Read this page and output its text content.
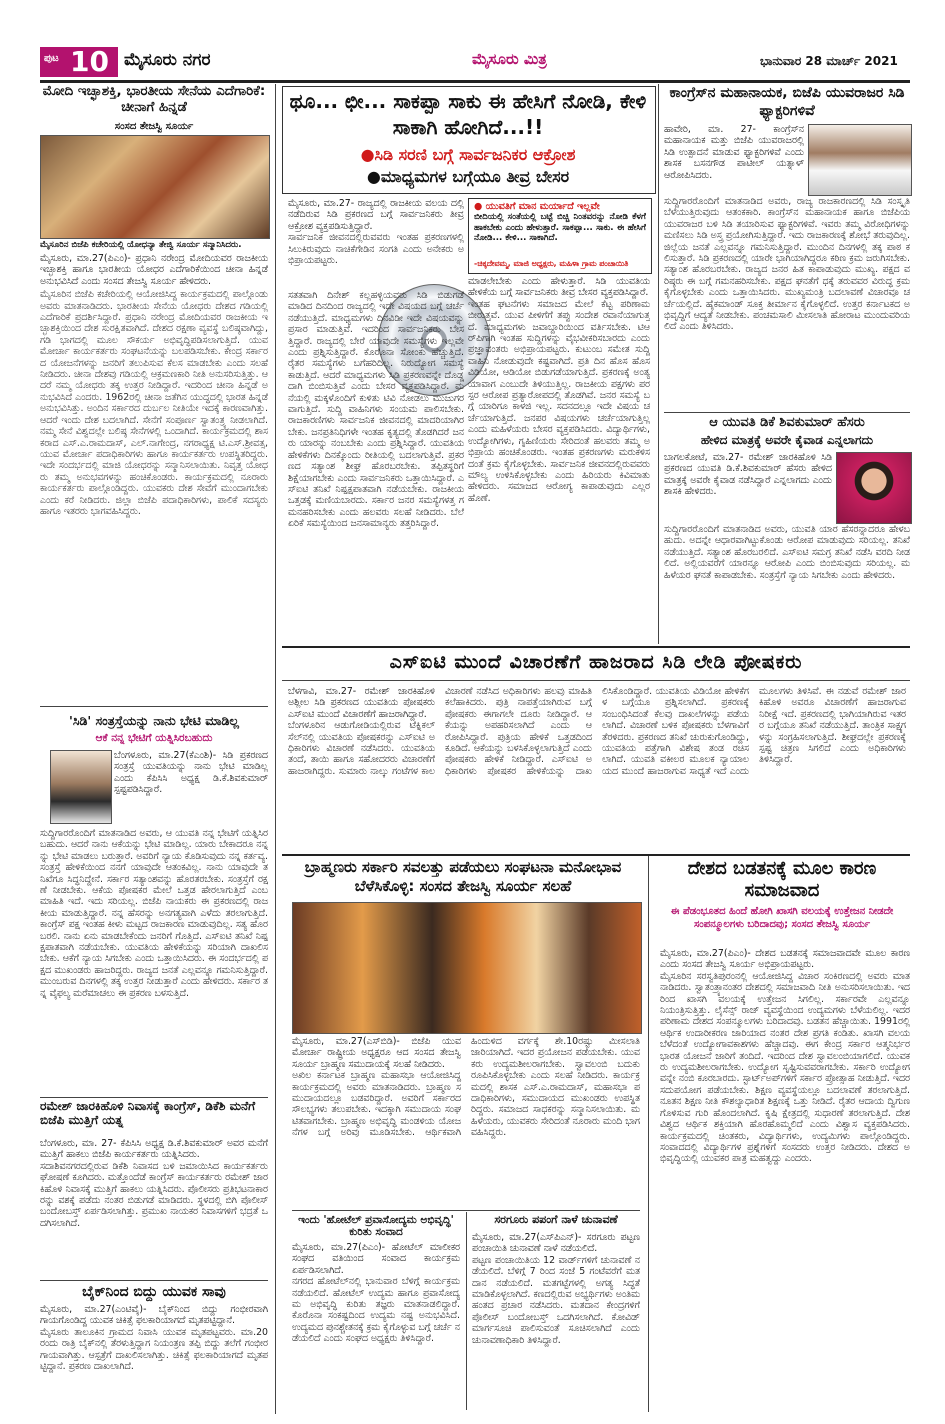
ಪುಟ 10 ಮೈಸೂರು ನಗರ	ಮೈಸೂರು ಮಿತ್ರ	ಭಾನುವಾರ 28 ಮಾರ್ಚ್ 2021
ಮೋದಿ ಇಚ್ಛಾಶಕ್ತಿ, ಭಾರತೀಯ ಸೇನೆಯ ಎದೆಗಾರಿಕೆ: ಚೀನಾಗೆ ಹಿನ್ನಡೆ
ಸಂಸದ ತೇಜಸ್ವಿ ಸೂರ್ಯ
ಮೈಸೂರಿನ ಬಿಜೆಪಿ ಕಚೇರಿಯಲ್ಲಿ ಯೋಧನ್ಯಾ ತೇಜ್ವಿ ಸೂರ್ಯ ಸನ್ಮಾನಿಸಿದರು.

ಮೈಸೂರು, ಮಾ.27(ಪಿಎಂ)- ಪ್ರಧಾನಿ ನರೇಂದ್ರ ಮೋದಿಯವರ ರಾಜಕೀಯ ಇಚ್ಛಾಶಕ್ತಿ ಹಾಗೂ ಭಾರತೀಯ ಯೋಧರ ಎದೆಗಾರಿಕೆಯಿಂದ ಚೀನಾ ಹಿನ್ನಡೆ ಅನುಭವಿಸಿದೆ ಎಂದು ಸಂಸದ ತೇಜಸ್ವಿ ಸೂರ್ಯ ಹೇಳಿದರು.

ಮೈಸೂರಿನ ಬಿಜೆಪಿ ಕಚೇರಿಯಲ್ಲಿ ಆಯೋಜಿಸಿದ್ದ ಕಾರ್ಯಕ್ರಮದಲ್ಲಿ ಪಾಲ್ಗೊಂಡು ಅವರು ಮಾತನಾಡಿದರು. ಭಾರತೀಯ ಸೇನೆಯ ಯೋಧರು ದೇಶದ ಗಡಿಯಲ್ಲಿ ಎದೆಗಾರಿಕೆ ಪ್ರದರ್ಶಿಸಿದ್ದಾರೆ. ಪ್ರಧಾನಿ ನರೇಂದ್ರ ಮೋದಿಯವರ ರಾಜಕೀಯ ಇಚ್ಛಾಶಕ್ತಿಯಿಂದ ದೇಶ ಸುರಕ್ಷಿತವಾಗಿದೆ. ದೇಶದ ರಕ್ಷಣಾ ವ್ಯವಸ್ಥೆ ಬಲಿಷ್ಠವಾಗಿದ್ದು, ಗಡಿ ಭಾಗದಲ್ಲಿ ಮೂಲ ಸೌಕರ್ಯ ಅಭಿವೃದ್ಧಿಪಡಿಸಲಾಗುತ್ತಿದೆ. ಯುವ ಮೋರ್ಚಾ ಕಾರ್ಯಕರ್ತರು ಸಂಘಟನೆಯನ್ನು ಬಲಪಡಿಸಬೇಕು. ಕೇಂದ್ರ ಸರ್ಕಾರದ ಯೋಜನೆಗಳನ್ನು ಜನರಿಗೆ ತಲುಪಿಸುವ ಕೆಲಸ ಮಾಡಬೇಕು ಎಂದು ಸಲಹೆ ನೀಡಿದರು. ಚೀನಾ ದೇಶವು ಗಡಿಯಲ್ಲಿ ಆಕ್ರಮಣಕಾರಿ ನೀತಿ ಅನುಸರಿಸುತ್ತಿತ್ತು. ಆದರೆ ನಮ್ಮ ಯೋಧರು ತಕ್ಕ ಉತ್ತರ ನೀಡಿದ್ದಾರೆ. ಇದರಿಂದ ಚೀನಾ ಹಿನ್ನಡೆ ಅನುಭವಿಸಿದೆ ಎಂದರು. 1962ರಲ್ಲಿ ಚೀನಾ ಜತೆಗಿನ ಯುದ್ಧದಲ್ಲಿ ಭಾರತ ಹಿನ್ನಡೆ ಅನುಭವಿಸಿತ್ತು. ಅಂದಿನ ಸರ್ಕಾರದ ದುರ್ಬಲ ನೀತಿಯೇ ಇದಕ್ಕೆ ಕಾರಣವಾಗಿತ್ತು. ಆದರೆ ಇಂದು ದೇಶ ಬದಲಾಗಿದೆ. ಸೇನೆಗೆ ಸಂಪೂರ್ಣ ಸ್ವಾತಂತ್ರ್ಯ ನೀಡಲಾಗಿದೆ. ನಮ್ಮ ಸೇನೆ ವಿಶ್ವದಲ್ಲೇ ಬಲಿಷ್ಠ ಸೇನೆಗಳಲ್ಲಿ ಒಂದಾಗಿದೆ. ಕಾರ್ಯಕ್ರಮದಲ್ಲಿ ಶಾಸಕರಾದ ಎಸ್.ಎ.ರಾಮದಾಸ್, ಎಲ್.ನಾಗೇಂದ್ರ, ನಗರಾಧ್ಯಕ್ಷ ಟಿ.ಎಸ್.ಶ್ರೀವತ್ಸ, ಯುವ ಮೋರ್ಚಾ ಪದಾಧಿಕಾರಿಗಳು ಹಾಗೂ ಕಾರ್ಯಕರ್ತರು ಉಪಸ್ಥಿತರಿದ್ದರು. ಇದೇ ಸಂದರ್ಭದಲ್ಲಿ ಮಾಜಿ ಯೋಧರನ್ನು ಸನ್ಮಾನಿಸಲಾಯಿತು. ನಿವೃತ್ತ ಯೋಧರು ತಮ್ಮ ಅನುಭವಗಳನ್ನು ಹಂಚಿಕೊಂಡರು. ಕಾರ್ಯಕ್ರಮದಲ್ಲಿ ನೂರಾರು ಕಾರ್ಯಕರ್ತರು ಪಾಲ್ಗೊಂಡಿದ್ದರು. ಯುವಕರು ದೇಶ ಸೇವೆಗೆ ಮುಂದಾಗಬೇಕು ಎಂದು ಕರೆ ನೀಡಿದರು. ಜಿಲ್ಲಾ ಬಿಜೆಪಿ ಪದಾಧಿಕಾರಿಗಳು, ಪಾಲಿಕೆ ಸದಸ್ಯರು ಹಾಗೂ ಇತರರು ಭಾಗವಹಿಸಿದ್ದರು.

'ಸಿಡಿ' ಸಂತ್ರಸ್ತೆಯನ್ನು ನಾನು ಭೇಟಿ ಮಾಡಿಲ್ಲ
ಆಕೆ ನನ್ನ ಭೇಟಿಗೆ ಯತ್ನಿಸಿರಬಹುದು

ಬೆಂಗಳೂರು, ಮಾ.27(ಕೆಎಂಶಿ)- ಸಿಡಿ ಪ್ರಕರಣದ ಸಂತ್ರಸ್ತೆ ಯುವತಿಯನ್ನು ನಾನು ಭೇಟಿ ಮಾಡಿಲ್ಲ ಎಂದು ಕೆಪಿಸಿಸಿ ಅಧ್ಯಕ್ಷ ಡಿ.ಕೆ.ಶಿವಕುಮಾರ್ ಸ್ಪಷ್ಟಪಡಿಸಿದ್ದಾರೆ.

ಸುದ್ದಿಗಾರರೊಂದಿಗೆ ಮಾತನಾಡಿದ ಅವರು, ಆ ಯುವತಿ ನನ್ನ ಭೇಟಿಗೆ ಯತ್ನಿಸಿರಬಹುದು. ಆದರೆ ನಾನು ಆಕೆಯನ್ನು ಭೇಟಿ ಮಾಡಿಲ್ಲ. ಯಾರು ಬೇಕಾದರೂ ನನ್ನನ್ನು ಭೇಟಿ ಮಾಡಲು ಬರುತ್ತಾರೆ. ಅವರಿಗೆ ನ್ಯಾಯ ಕೊಡಿಸುವುದು ನನ್ನ ಕರ್ತವ್ಯ. ಸಂತ್ರಸ್ತೆ ಹೇಳಿಕೆಯಿಂದ ನನಗೆ ಯಾವುದೇ ಆತಂಕವಿಲ್ಲ. ನಾನು ಯಾವುದೇ ತನಿಖೆಗೂ ಸಿದ್ಧನಿದ್ದೇನೆ. ಸರ್ಕಾರ ಸತ್ಯಾಂಶವನ್ನು ಹೊರತರಬೇಕು. ಸಂತ್ರಸ್ತೆಗೆ ರಕ್ಷಣೆ ನೀಡಬೇಕು. ಆಕೆಯ ಪೋಷಕರ ಮೇಲೆ ಒತ್ತಡ ಹೇರಲಾಗುತ್ತಿದೆ ಎಂಬ ಮಾಹಿತಿ ಇದೆ. ಇದು ಸರಿಯಲ್ಲ. ಬಿಜೆಪಿ ನಾಯಕರು ಈ ಪ್ರಕರಣದಲ್ಲಿ ರಾಜಕೀಯ ಮಾಡುತ್ತಿದ್ದಾರೆ. ನನ್ನ ಹೆಸರನ್ನು ಅನಗತ್ಯವಾಗಿ ಎಳೆದು ತರಲಾಗುತ್ತಿದೆ. ಕಾಂಗ್ರೆಸ್ ಪಕ್ಷ ಇಂತಹ ಕೀಳು ಮಟ್ಟದ ರಾಜಕಾರಣ ಮಾಡುವುದಿಲ್ಲ. ಸತ್ಯ ಹೊರಬರಲಿ. ನಾನು ಏನು ಮಾಡಬೇಕೆಂದು ಜನರಿಗೆ ಗೊತ್ತಿದೆ. ಎಸ್‌ಐಟಿ ತನಿಖೆ ನಿಷ್ಪಕ್ಷಪಾತವಾಗಿ ನಡೆಯಬೇಕು. ಯುವತಿಯ ಹೇಳಿಕೆಯನ್ನು ಸರಿಯಾಗಿ ದಾಖಲಿಸಬೇಕು. ಆಕೆಗೆ ನ್ಯಾಯ ಸಿಗಬೇಕು ಎಂದು ಒತ್ತಾಯಿಸಿದರು. ಈ ಸಂದರ್ಭದಲ್ಲಿ ಪಕ್ಷದ ಮುಖಂಡರು ಹಾಜರಿದ್ದರು. ರಾಜ್ಯದ ಜನತೆ ಎಲ್ಲವನ್ನೂ ಗಮನಿಸುತ್ತಿದ್ದಾರೆ. ಮುಂಬರುವ ದಿನಗಳಲ್ಲಿ ತಕ್ಕ ಉತ್ತರ ನೀಡುತ್ತಾರೆ ಎಂದು ಹೇಳಿದರು. ಸರ್ಕಾರ ತನ್ನ ವೈಫಲ್ಯ ಮರೆಮಾಚಲು ಈ ಪ್ರಕರಣ ಬಳಸುತ್ತಿದೆ.

ರಮೇಶ್ ಜಾರಕಿಹೊಳಿ ನಿವಾಸಕ್ಕೆ ಕಾಂಗ್ರೆಸ್, ಡಿಕೆಶಿ ಮನೆಗೆ ಬಿಜೆಪಿ ಮುತ್ತಿಗೆ ಯತ್ನ

ಬೆಂಗಳೂರು, ಮಾ. 27- ಕೆಪಿಸಿಸಿ ಅಧ್ಯಕ್ಷ ಡಿ.ಕೆ.ಶಿವಕುಮಾರ್ ಅವರ ಮನೆಗೆ ಮುತ್ತಿಗೆ ಹಾಕಲು ಬಿಜೆಪಿ ಕಾರ್ಯಕರ್ತರು ಯತ್ನಿಸಿದರು.

ಸದಾಶಿವನಗರದಲ್ಲಿರುವ ಡಿಕೆಶಿ ನಿವಾಸದ ಬಳಿ ಜಮಾಯಿಸಿದ ಕಾರ್ಯಕರ್ತರು ಘೋಷಣೆ ಕೂಗಿದರು. ಮತ್ತೊಂದೆಡೆ ಕಾಂಗ್ರೆಸ್ ಕಾರ್ಯಕರ್ತರು ರಮೇಶ್ ಜಾರಕಿಹೊಳಿ ನಿವಾಸಕ್ಕೆ ಮುತ್ತಿಗೆ ಹಾಕಲು ಯತ್ನಿಸಿದರು. ಪೊಲೀಸರು ಪ್ರತಿಭಟನಾಕಾರರನ್ನು ವಶಕ್ಕೆ ಪಡೆದು ನಂತರ ಬಿಡುಗಡೆ ಮಾಡಿದರು. ಸ್ಥಳದಲ್ಲಿ ಬಿಗಿ ಪೊಲೀಸ್ ಬಂದೋಬಸ್ತ್ ಏರ್ಪಡಿಸಲಾಗಿತ್ತು. ಪ್ರಮುಖ ನಾಯಕರ ನಿವಾಸಗಳಿಗೆ ಭದ್ರತೆ ಒದಗಿಸಲಾಗಿದೆ.

ಬೈಕ್‌ನಿಂದ ಬಿದ್ದು ಯುವಕ ಸಾವು

ಮೈಸೂರು, ಮಾ.27(ಎಂಟಿವೈ)- ಬೈಕ್‌ನಿಂದ ಬಿದ್ದು ಗಂಭೀರವಾಗಿ ಗಾಯಗೊಂಡಿದ್ದ ಯುವಕ ಚಿಕಿತ್ಸೆ ಫಲಕಾರಿಯಾಗದೆ ಮೃತಪಟ್ಟಿದ್ದಾನೆ.

ಮೈಸೂರು ತಾಲೂಕಿನ ಗ್ರಾಮದ ನಿವಾಸಿ ಯುವಕ ಮೃತಪಟ್ಟವರು. ಮಾ.20ರಂದು ರಾತ್ರಿ ಬೈಕ್‌ನಲ್ಲಿ ತೆರಳುತ್ತಿದ್ದಾಗ ನಿಯಂತ್ರಣ ತಪ್ಪಿ ಬಿದ್ದು ತಲೆಗೆ ಗಂಭೀರ ಗಾಯವಾಗಿತ್ತು. ಆಸ್ಪತ್ರೆಗೆ ದಾಖಲಿಸಲಾಗಿತ್ತು. ಚಿಕಿತ್ಸೆ ಫಲಕಾರಿಯಾಗದೆ ಮೃತಪಟ್ಟಿದ್ದಾನೆ. ಪ್ರಕರಣ ದಾಖಲಾಗಿದೆ.

ಥೂ... ಛೀ... ಸಾಕಪ್ಪಾ ಸಾಕು ಈ ಹೇಸಿಗೆ ನೋಡಿ, ಕೇಳಿ ಸಾಕಾಗಿ ಹೋಗಿದೆ...!!
●ಸಿಡಿ ಸರಣಿ ಬಗ್ಗೆ ಸಾರ್ವಜನಿಕರ ಆಕ್ರೋಶ
●ಮಾಧ್ಯಮಗಳ ಬಗ್ಗೆಯೂ ತೀವ್ರ ಬೇಸರ

ಮೈಸೂರು, ಮಾ.27- ರಾಜ್ಯದಲ್ಲಿ ರಾಜಕೀಯ ವಲಯ ದಲ್ಲಿ ನಡೆದಿರುವ ಸಿಡಿ ಪ್ರಕರಣದ ಬಗ್ಗೆ ಸಾರ್ವಜನಿಕರು ತೀವ್ರ ಆಕ್ರೋಶ ವ್ಯಕ್ತಪಡಿಸುತ್ತಿದ್ದಾರೆ.

ಸಾರ್ವಜನಿಕ ಜೀವನದಲ್ಲಿರುವವರು ಇಂತಹ ಪ್ರಕರಣಗಳಲ್ಲಿ ಸಿಲುಕಿರುವುದು ನಾಚಿಕೆಗೇಡಿನ ಸಂಗತಿ ಎಂದು ಅನೇಕರು ಅಭಿಪ್ರಾಯಪಟ್ಟರು.

● ಯುವತಿಗೆ ಮಾನ ಮರ್ಯಾದೆ ಇಲ್ಲವೇ
ಬೀದಿಯಲ್ಲಿ ಸಂತೆಯಲ್ಲಿ ಬಟ್ಟೆ ಬಿಚ್ಚಿ ನಿಂತವರನ್ನು ನೋಡಿ ಕೆಳಗೆ ಹಾಕಬೇಕು ಎಂದು ಹೇಳುತ್ತಾರೆ. ಸಾಕಪ್ಪಾ... ಸಾಕು. ಈ ಹೇಸಿಗೆ ನೋಡಿ... ಕೇಳಿ... ಸಾಕಾಗಿದೆ.
-ಚಿಕ್ಕದೇವಮ್ಮ, ಮಾಜಿ ಅಧ್ಯಕ್ಷರು, ಮಹಿಳಾ ಗ್ರಾಮ ಪಂಚಾಯಿತಿ

ಸತತವಾಗಿ ದಿನೇಶ್ ಕಲ್ಲಹಳ್ಳಿಯವರು ಸಿಡಿ ಬಿಡುಗಡೆ ಮಾಡಿದ ದಿನದಿಂದ ರಾಜ್ಯದಲ್ಲಿ ಇದೇ ವಿಷಯದ ಬಗ್ಗೆ ಚರ್ಚೆ ನಡೆಯುತ್ತಿದೆ. ಮಾಧ್ಯಮಗಳು ದಿನವಿಡೀ ಇದೇ ವಿಷಯವನ್ನು ಪ್ರಸಾರ ಮಾಡುತ್ತಿವೆ. ಇದರಿಂದ ಸಾರ್ವಜನಿಕರು ಬೇಸತ್ತಿದ್ದಾರೆ. ರಾಜ್ಯದಲ್ಲಿ ಬೇರೆ ಯಾವುದೇ ಸಮಸ್ಯೆಗಳು ಇಲ್ಲವೇ ಎಂದು ಪ್ರಶ್ನಿಸುತ್ತಿದ್ದಾರೆ. ಕೊರೊನಾ ಸೋಂಕು ಹೆಚ್ಚುತ್ತಿದೆ. ರೈತರ ಸಮಸ್ಯೆಗಳು ಬಗೆಹರಿದಿಲ್ಲ. ನಿರುದ್ಯೋಗ ಸಮಸ್ಯೆ ಕಾಡುತ್ತಿದೆ. ಆದರೆ ಮಾಧ್ಯಮಗಳು ಸಿಡಿ ಪ್ರಕರಣವನ್ನೇ ದೊಡ್ಡದಾಗಿ ಬಿಂಬಿಸುತ್ತಿವೆ ಎಂದು ಬೇಸರ ವ್ಯಕ್ತಪಡಿಸಿದ್ದಾರೆ. ಮನೆಯಲ್ಲಿ ಮಕ್ಕಳೊಂದಿಗೆ ಕುಳಿತು ಟಿವಿ ನೋಡಲು ಮುಜುಗರವಾಗುತ್ತಿದೆ. ಸುದ್ದಿ ವಾಹಿನಿಗಳು ಸಂಯಮ ಪಾಲಿಸಬೇಕು. ರಾಜಕಾರಣಿಗಳು ಸಾರ್ವಜನಿಕ ಜೀವನದಲ್ಲಿ ಮಾದರಿಯಾಗಿರಬೇಕು. ಜನಪ್ರತಿನಿಧಿಗಳೇ ಇಂತಹ ಕೃತ್ಯದಲ್ಲಿ ತೊಡಗಿದರೆ ಜನರು ಯಾರನ್ನು ನಂಬಬೇಕು ಎಂದು ಪ್ರಶ್ನಿಸಿದ್ದಾರೆ. ಯುವತಿಯ ಹೇಳಿಕೆಗಳು ದಿನಕ್ಕೊಂದು ರೀತಿಯಲ್ಲಿ ಬದಲಾಗುತ್ತಿವೆ. ಪ್ರಕರಣದ ಸತ್ಯಾಂಶ ಶೀಘ್ರ ಹೊರಬರಬೇಕು. ತಪ್ಪಿತಸ್ಥರಿಗೆ ಶಿಕ್ಷೆಯಾಗಬೇಕು ಎಂದು ಸಾರ್ವಜನಿಕರು ಒತ್ತಾಯಿಸಿದ್ದಾರೆ. ಎಸ್‌ಐಟಿ ತನಿಖೆ ನಿಷ್ಪಕ್ಷಪಾತವಾಗಿ ನಡೆಯಬೇಕು. ರಾಜಕೀಯ ಒತ್ತಡಕ್ಕೆ ಮಣಿಯಬಾರದು. ಸರ್ಕಾರ ಜನರ ಸಮಸ್ಯೆಗಳತ್ತ ಗಮನಹರಿಸಬೇಕು ಎಂದು ಹಲವರು ಸಲಹೆ ನೀಡಿದರು. ಬೆಲೆ ಏರಿಕೆ ಸಮಸ್ಯೆಯಿಂದ ಜನಸಾಮಾನ್ಯರು ತತ್ತರಿಸಿದ್ದಾರೆ.

ಮಾಡಲೇಬೇಕು ಎಂದು ಹೇಳುತ್ತಾರೆ. ಸಿಡಿ ಯುವತಿಯ ಹೇಳಿಕೆಯ ಬಗ್ಗೆ ಸಾರ್ವಜನಿಕರು ತೀವ್ರ ಬೇಸರ ವ್ಯಕ್ತಪಡಿಸಿದ್ದಾರೆ.

ಇಂತಹ ಘಟನೆಗಳು ಸಮಾಜದ ಮೇಲೆ ಕೆಟ್ಟ ಪರಿಣಾಮ ಬೀರುತ್ತವೆ. ಯುವ ಪೀಳಿಗೆಗೆ ತಪ್ಪು ಸಂದೇಶ ರವಾನೆಯಾಗುತ್ತದೆ. ಮಾಧ್ಯಮಗಳು ಜವಾಬ್ದಾರಿಯಿಂದ ವರ್ತಿಸಬೇಕು. ಟಿಆರ್‌ಪಿಗಾಗಿ ಇಂತಹ ಸುದ್ದಿಗಳನ್ನು ವೈಭವೀಕರಿಸಬಾರದು ಎಂದು ಪ್ರಜ್ಞಾವಂತರು ಅಭಿಪ್ರಾಯಪಟ್ಟರು. ಕುಟುಂಬ ಸಮೇತ ಸುದ್ದಿ ವಾಹಿನಿ ನೋಡುವುದೇ ಕಷ್ಟವಾಗಿದೆ. ಪ್ರತಿ ದಿನ ಹೊಸ ಹೊಸ ವಿಡಿಯೋ, ಆಡಿಯೋ ಬಿಡುಗಡೆಯಾಗುತ್ತಿದೆ. ಪ್ರಕರಣಕ್ಕೆ ಅಂತ್ಯ ಯಾವಾಗ ಎಂಬುದೇ ತಿಳಿಯುತ್ತಿಲ್ಲ. ರಾಜಕೀಯ ಪಕ್ಷಗಳು ಪರಸ್ಪರ ಆರೋಪ ಪ್ರತ್ಯಾರೋಪದಲ್ಲಿ ತೊಡಗಿವೆ. ಜನರ ಸಮಸ್ಯೆ ಬಗ್ಗೆ ಯಾರಿಗೂ ಕಾಳಜಿ ಇಲ್ಲ. ಸದನದಲ್ಲೂ ಇದೇ ವಿಷಯ ಚರ್ಚೆಯಾಗುತ್ತಿದೆ. ಜನಪರ ವಿಷಯಗಳು ಚರ್ಚೆಯಾಗುತ್ತಿಲ್ಲ ಎಂದು ಮಹಿಳೆಯರು ಬೇಸರ ವ್ಯಕ್ತಪಡಿಸಿದರು. ವಿದ್ಯಾರ್ಥಿಗಳು, ಉದ್ಯೋಗಿಗಳು, ಗೃಹಿಣಿಯರು ಸೇರಿದಂತೆ ಹಲವರು ತಮ್ಮ ಅಭಿಪ್ರಾಯ ಹಂಚಿಕೊಂಡರು. ಇಂತಹ ಪ್ರಕರಣಗಳು ಮರುಕಳಿಸದಂತೆ ಕ್ರಮ ಕೈಗೊಳ್ಳಬೇಕು. ಸಾರ್ವಜನಿಕ ಜೀವನದಲ್ಲಿರುವವರು ಮೌಲ್ಯ ಉಳಿಸಿಕೊಳ್ಳಬೇಕು ಎಂದು ಹಿರಿಯರು ಕಿವಿಮಾತು ಹೇಳಿದರು. ಸಮಾಜದ ಆರೋಗ್ಯ ಕಾಪಾಡುವುದು ಎಲ್ಲರ ಹೊಣೆ.

ಕಾಂಗ್ರೆಸ್‌ನ ಮಹಾನಾಯಕ, ಬಿಜೆಪಿ ಯುವರಾಜರ ಸಿಡಿ ಫ್ಯಾಕ್ಟರಿಗಳಿವೆ

ಹಾವೇರಿ, ಮಾ. 27- ಕಾಂಗ್ರೆಸ್‌ನ ಮಹಾನಾಯಕ ಮತ್ತು ಬಿಜೆಪಿ ಯುವರಾಜರಲ್ಲಿ ಸಿಡಿ ಉತ್ಪಾದನೆ ಮಾಡುವ ಫ್ಯಾಕ್ಟರಿಗಳಿವೆ ಎಂದು ಶಾಸಕ ಬಸನಗೌಡ ಪಾಟೀಲ್ ಯತ್ನಾಳ್ ಆರೋಪಿಸಿದರು.

ಸುದ್ದಿಗಾರರೊಂದಿಗೆ ಮಾತನಾಡಿದ ಅವರು, ರಾಜ್ಯ ರಾಜಕಾರಣದಲ್ಲಿ ಸಿಡಿ ಸಂಸ್ಕೃತಿ ಬೆಳೆಯುತ್ತಿರುವುದು ಆತಂಕಕಾರಿ. ಕಾಂಗ್ರೆಸ್‌ನ ಮಹಾನಾಯಕ ಹಾಗೂ ಬಿಜೆಪಿಯ ಯುವರಾಜರ ಬಳಿ ಸಿಡಿ ತಯಾರಿಸುವ ಫ್ಯಾಕ್ಟರಿಗಳಿವೆ. ಇವರು ತಮ್ಮ ವಿರೋಧಿಗಳನ್ನು ಮಣಿಸಲು ಸಿಡಿ ಅಸ್ತ್ರ ಪ್ರಯೋಗಿಸುತ್ತಿದ್ದಾರೆ. ಇದು ರಾಜಕಾರಣಕ್ಕೆ ಶೋಭೆ ತರುವುದಿಲ್ಲ. ಜಿಲ್ಲೆಯ ಜನತೆ ಎಲ್ಲವನ್ನೂ ಗಮನಿಸುತ್ತಿದ್ದಾರೆ. ಮುಂದಿನ ದಿನಗಳಲ್ಲಿ ತಕ್ಕ ಪಾಠ ಕಲಿಸುತ್ತಾರೆ. ಸಿಡಿ ಪ್ರಕರಣದಲ್ಲಿ ಯಾರೇ ಭಾಗಿಯಾಗಿದ್ದರೂ ಕಠಿಣ ಕ್ರಮ ಜರುಗಿಸಬೇಕು. ಸತ್ಯಾಂಶ ಹೊರಬರಬೇಕು. ರಾಜ್ಯದ ಜನರ ಹಿತ ಕಾಪಾಡುವುದು ಮುಖ್ಯ. ಪಕ್ಷದ ವರಿಷ್ಠರು ಈ ಬಗ್ಗೆ ಗಮನಹರಿಸಬೇಕು. ಪಕ್ಷದ ಘನತೆಗೆ ಧಕ್ಕೆ ತರುವವರ ವಿರುದ್ಧ ಕ್ರಮ ಕೈಗೊಳ್ಳಬೇಕು ಎಂದು ಒತ್ತಾಯಿಸಿದರು. ಮುಖ್ಯಮಂತ್ರಿ ಬದಲಾವಣೆ ವಿಚಾರವೂ ಚರ್ಚೆಯಲ್ಲಿದೆ. ಹೈಕಮಾಂಡ್ ಸೂಕ್ತ ತೀರ್ಮಾನ ಕೈಗೊಳ್ಳಲಿದೆ. ಉತ್ತರ ಕರ್ನಾಟಕದ ಅಭಿವೃದ್ಧಿಗೆ ಆದ್ಯತೆ ನೀಡಬೇಕು. ಪಂಚಮಸಾಲಿ ಮೀಸಲಾತಿ ಹೋರಾಟ ಮುಂದುವರಿಯಲಿದೆ ಎಂದು ತಿಳಿಸಿದರು.

ಆ ಯುವತಿ ಡಿಕೆ ಶಿವಕುಮಾರ್ ಹೆಸರು
ಹೇಳಿದ ಮಾತ್ರಕ್ಕೆ ಅವರೇ ಕೈವಾಡ ಎನ್ನಲಾಗದು

ಬಾಗಲಕೋಟೆ, ಮಾ.27- ರಮೇಶ್ ಜಾರಕಿಹೊಳಿ ಸಿಡಿ ಪ್ರಕರಣದ ಯುವತಿ ಡಿ.ಕೆ.ಶಿವಕುಮಾರ್ ಹೆಸರು ಹೇಳಿದ ಮಾತ್ರಕ್ಕೆ ಅವರೇ ಕೈವಾಡ ನಡೆಸಿದ್ದಾರೆ ಎನ್ನಲಾಗದು ಎಂದು ಶಾಸಕಿ ಹೇಳಿದರು.

ಸುದ್ದಿಗಾರರೊಂದಿಗೆ ಮಾತನಾಡಿದ ಅವರು, ಯುವತಿ ಯಾರ ಹೆಸರನ್ನಾದರೂ ಹೇಳಬಹುದು. ಅದನ್ನೇ ಆಧಾರವಾಗಿಟ್ಟುಕೊಂಡು ಆರೋಪ ಮಾಡುವುದು ಸರಿಯಲ್ಲ. ತನಿಖೆ ನಡೆಯುತ್ತಿದೆ. ಸತ್ಯಾಂಶ ಹೊರಬರಲಿದೆ. ಎಸ್‌ಐಟಿ ಸಮಗ್ರ ತನಿಖೆ ನಡೆಸಿ ವರದಿ ನೀಡಲಿದೆ. ಅಲ್ಲಿಯವರೆಗೆ ಯಾರನ್ನೂ ಆರೋಪಿ ಎಂದು ಬಿಂಬಿಸುವುದು ಸರಿಯಲ್ಲ. ಮಹಿಳೆಯರ ಘನತೆ ಕಾಪಾಡಬೇಕು. ಸಂತ್ರಸ್ತೆಗೆ ನ್ಯಾಯ ಸಿಗಬೇಕು ಎಂದು ಹೇಳಿದರು.

ಎಸ್‌ಐಟಿ ಮುಂದೆ ವಿಚಾರಣೆಗೆ ಹಾಜರಾದ ಸಿಡಿ ಲೇಡಿ ಪೋಷಕರು

ಬೆಳಗಾವಿ, ಮಾ.27- ರಮೇಶ್ ಜಾರಕಿಹೊಳಿ ಅಶ್ಲೀಲ ಸಿಡಿ ಪ್ರಕರಣದ ಯುವತಿಯ ಪೋಷಕರು ಎಸ್‌ಐಟಿ ಮುಂದೆ ವಿಚಾರಣೆಗೆ ಹಾಜರಾಗಿದ್ದಾರೆ.

ಬೆಂಗಳೂರಿನ ಆಡುಗೋಡಿಯಲ್ಲಿರುವ ಟೆಕ್ನಿಕಲ್ ಸೆಲ್‌ನಲ್ಲಿ ಯುವತಿಯ ಪೋಷಕರನ್ನು ಎಸ್‌ಐಟಿ ಅಧಿಕಾರಿಗಳು ವಿಚಾರಣೆ ನಡೆಸಿದರು. ಯುವತಿಯ ತಂದೆ, ತಾಯಿ ಹಾಗೂ ಸಹೋದರರು ವಿಚಾರಣೆಗೆ ಹಾಜರಾಗಿದ್ದರು. ಸುಮಾರು ನಾಲ್ಕು ಗಂಟೆಗಳ ಕಾಲ ವಿಚಾರಣೆ ನಡೆಸಿದ ಅಧಿಕಾರಿಗಳು ಹಲವು ಮಾಹಿತಿ ಕಲೆಹಾಕಿದರು. ಪುತ್ರಿ ನಾಪತ್ತೆಯಾಗಿರುವ ಬಗ್ಗೆ ಪೋಷಕರು ಈಗಾಗಲೇ ದೂರು ನೀಡಿದ್ದಾರೆ. ಆಕೆಯನ್ನು ಅಪಹರಿಸಲಾಗಿದೆ ಎಂದು ಆರೋಪಿಸಿದ್ದಾರೆ. ಪುತ್ರಿಯ ಹೇಳಿಕೆ ಒತ್ತಡದಿಂದ ಕೂಡಿದೆ. ಆಕೆಯನ್ನು ಬಳಸಿಕೊಳ್ಳಲಾಗುತ್ತಿದೆ ಎಂದು ಪೋಷಕರು ಹೇಳಿಕೆ ನೀಡಿದ್ದಾರೆ. ಎಸ್‌ಐಟಿ ಅಧಿಕಾರಿಗಳು ಪೋಷಕರ ಹೇಳಿಕೆಯನ್ನು ದಾಖಲಿಸಿಕೊಂಡಿದ್ದಾರೆ. ಯುವತಿಯ ವಿಡಿಯೋ ಹೇಳಿಕೆಗಳ ಬಗ್ಗೆಯೂ ಪ್ರಶ್ನಿಸಲಾಗಿದೆ. ಪ್ರಕರಣಕ್ಕೆ ಸಂಬಂಧಿಸಿದಂತೆ ಕೆಲವು ದಾಖಲೆಗಳನ್ನು ಪಡೆಯಲಾಗಿದೆ. ವಿಚಾರಣೆ ಬಳಿಕ ಪೋಷಕರು ಬೆಳಗಾವಿಗೆ ತೆರಳಿದರು. ಪ್ರಕರಣದ ತನಿಖೆ ಚುರುಕುಗೊಂಡಿದ್ದು, ಯುವತಿಯ ಪತ್ತೆಗಾಗಿ ವಿಶೇಷ ತಂಡ ರಚಿಸಲಾಗಿದೆ. ಯುವತಿ ವಕೀಲರ ಮೂಲಕ ನ್ಯಾಯಾಲಯದ ಮುಂದೆ ಹಾಜರಾಗುವ ಸಾಧ್ಯತೆ ಇದೆ ಎಂದು ಮೂಲಗಳು ತಿಳಿಸಿವೆ. ಈ ನಡುವೆ ರಮೇಶ್ ಜಾರಕಿಹೊಳಿ ಅವರೂ ವಿಚಾರಣೆಗೆ ಹಾಜರಾಗುವ ನಿರೀಕ್ಷೆ ಇದೆ. ಪ್ರಕರಣದಲ್ಲಿ ಭಾಗಿಯಾಗಿರುವ ಇತರರ ಬಗ್ಗೆಯೂ ತನಿಖೆ ನಡೆಯುತ್ತಿದೆ. ತಾಂತ್ರಿಕ ಸಾಕ್ಷ್ಯಗಳನ್ನು ಸಂಗ್ರಹಿಸಲಾಗುತ್ತಿದೆ. ಶೀಘ್ರದಲ್ಲೇ ಪ್ರಕರಣಕ್ಕೆ ಸ್ಪಷ್ಟ ಚಿತ್ರಣ ಸಿಗಲಿದೆ ಎಂದು ಅಧಿಕಾರಿಗಳು ತಿಳಿಸಿದ್ದಾರೆ.

ಬ್ರಾಹ್ಮಣರು ಸರ್ಕಾರಿ ಸವಲತ್ತು ಪಡೆಯಲು ಸಂಘಟನಾ ಮನೋಭಾವ ಬೆಳೆಸಿಕೊಳ್ಳಿ: ಸಂಸದ ತೇಜಸ್ವಿ ಸೂರ್ಯ ಸಲಹೆ

ಮೈಸೂರು, ಮಾ.27(ಎಸ್‌ಬಿಡಿ)- ಬಿಜೆಪಿ ಯುವ ಮೋರ್ಚಾ ರಾಷ್ಟ್ರೀಯ ಅಧ್ಯಕ್ಷರೂ ಆದ ಸಂಸದ ತೇಜಸ್ವಿ ಸೂರ್ಯ ಬ್ರಾಹ್ಮಣ ಸಮುದಾಯಕ್ಕೆ ಸಲಹೆ ನೀಡಿದರು.

ಅಖಿಲ ಕರ್ನಾಟಕ ಬ್ರಾಹ್ಮಣ ಮಹಾಸಭಾ ಆಯೋಜಿಸಿದ್ದ ಕಾರ್ಯಕ್ರಮದಲ್ಲಿ ಅವರು ಮಾತನಾಡಿದರು. ಬ್ರಾಹ್ಮಣ ಸಮುದಾಯದಲ್ಲೂ ಬಡವರಿದ್ದಾರೆ. ಅವರಿಗೆ ಸರ್ಕಾರದ ಸೌಲಭ್ಯಗಳು ತಲುಪಬೇಕು. ಇದಕ್ಕಾಗಿ ಸಮುದಾಯ ಸಂಘಟಿತವಾಗಬೇಕು. ಬ್ರಾಹ್ಮಣ ಅಭಿವೃದ್ಧಿ ಮಂಡಳಿಯ ಯೋಜನೆಗಳ ಬಗ್ಗೆ ಅರಿವು ಮೂಡಿಸಬೇಕು. ಆರ್ಥಿಕವಾಗಿ ಹಿಂದುಳಿದ ವರ್ಗಕ್ಕೆ ಶೇ.10ರಷ್ಟು ಮೀಸಲಾತಿ ಜಾರಿಯಾಗಿದೆ. ಇದರ ಪ್ರಯೋಜನ ಪಡೆಯಬೇಕು. ಯುವಕರು ಉದ್ಯಮಶೀಲರಾಗಬೇಕು. ಸ್ವಾವಲಂಬಿ ಬದುಕು ರೂಪಿಸಿಕೊಳ್ಳಬೇಕು ಎಂದು ಸಲಹೆ ನೀಡಿದರು. ಕಾರ್ಯಕ್ರಮದಲ್ಲಿ ಶಾಸಕ ಎಸ್.ಎ.ರಾಮದಾಸ್, ಮಹಾಸಭಾ ಪದಾಧಿಕಾರಿಗಳು, ಸಮುದಾಯದ ಮುಖಂಡರು ಉಪಸ್ಥಿತರಿದ್ದರು. ಸಮಾಜದ ಸಾಧಕರನ್ನು ಸನ್ಮಾನಿಸಲಾಯಿತು. ಮಹಿಳೆಯರು, ಯುವಕರು ಸೇರಿದಂತೆ ನೂರಾರು ಮಂದಿ ಭಾಗವಹಿಸಿದ್ದರು.

ದೇಶದ ಬಡತನಕ್ಕೆ ಮೂಲ ಕಾರಣ ಸಮಾಜವಾದ
ಈ ಪೆಡಂಭೂತದ ಹಿಂದೆ ಹೋಗಿ ಖಾಸಗಿ ವಲಯಕ್ಕೆ ಉತ್ತೇಜನ ನೀಡದೇ ಸಂಪನ್ಮೂಲಗಳು ಬರಿದಾದವು; ಸಂಸದ ತೇಜಸ್ವಿ ಸೂರ್ಯ

ಮೈಸೂರು, ಮಾ.27(ಪಿಎಂ)- ದೇಶದ ಬಡತನಕ್ಕೆ ಸಮಾಜವಾದವೇ ಮೂಲ ಕಾರಣ ಎಂದು ಸಂಸದ ತೇಜಸ್ವಿ ಸೂರ್ಯ ಅಭಿಪ್ರಾಯಪಟ್ಟರು.

ಮೈಸೂರಿನ ಸರಸ್ವತಿಪುರಂನಲ್ಲಿ ಆಯೋಜಿಸಿದ್ದ ವಿಚಾರ ಸಂಕಿರಣದಲ್ಲಿ ಅವರು ಮಾತನಾಡಿದರು. ಸ್ವಾತಂತ್ರ್ಯಾನಂತರ ದೇಶದಲ್ಲಿ ಸಮಾಜವಾದಿ ನೀತಿ ಅನುಸರಿಸಲಾಯಿತು. ಇದರಿಂದ ಖಾಸಗಿ ವಲಯಕ್ಕೆ ಉತ್ತೇಜನ ಸಿಗಲಿಲ್ಲ. ಸರ್ಕಾರವೇ ಎಲ್ಲವನ್ನೂ ನಿಯಂತ್ರಿಸುತ್ತಿತ್ತು. ಲೈಸೆನ್ಸ್ ರಾಜ್ ವ್ಯವಸ್ಥೆಯಿಂದ ಉದ್ಯಮಗಳು ಬೆಳೆಯಲಿಲ್ಲ. ಇದರ ಪರಿಣಾಮ ದೇಶದ ಸಂಪನ್ಮೂಲಗಳು ಬರಿದಾದವು. ಬಡತನ ಹೆಚ್ಚಾಯಿತು. 1991ರಲ್ಲಿ ಆರ್ಥಿಕ ಉದಾರೀಕರಣ ಜಾರಿಯಾದ ನಂತರ ದೇಶ ಪ್ರಗತಿ ಕಂಡಿತು. ಖಾಸಗಿ ವಲಯ ಬೆಳೆದಂತೆ ಉದ್ಯೋಗಾವಕಾಶಗಳು ಹೆಚ್ಚಾದವು. ಈಗ ಕೇಂದ್ರ ಸರ್ಕಾರ ಆತ್ಮನಿರ್ಭರ ಭಾರತ ಯೋಜನೆ ಜಾರಿಗೆ ತಂದಿದೆ. ಇದರಿಂದ ದೇಶ ಸ್ವಾವಲಂಬಿಯಾಗಲಿದೆ. ಯುವಕರು ಉದ್ಯಮಶೀಲರಾಗಬೇಕು. ಉದ್ಯೋಗ ಸೃಷ್ಟಿಸುವವರಾಗಬೇಕು. ಸರ್ಕಾರಿ ಉದ್ಯೋಗವನ್ನೇ ನಂಬಿ ಕೂರಬಾರದು. ಸ್ಟಾರ್ಟ್‌ಅಪ್‌ಗಳಿಗೆ ಸರ್ಕಾರ ಪ್ರೋತ್ಸಾಹ ನೀಡುತ್ತಿದೆ. ಇದರ ಸದುಪಯೋಗ ಪಡೆಯಬೇಕು. ಶಿಕ್ಷಣ ವ್ಯವಸ್ಥೆಯಲ್ಲೂ ಬದಲಾವಣೆ ತರಲಾಗುತ್ತಿದೆ. ನೂತನ ಶಿಕ್ಷಣ ನೀತಿ ಕೌಶಲ್ಯಾಧಾರಿತ ಶಿಕ್ಷಣಕ್ಕೆ ಒತ್ತು ನೀಡಿದೆ. ರೈತರ ಆದಾಯ ದ್ವಿಗುಣಗೊಳಿಸುವ ಗುರಿ ಹೊಂದಲಾಗಿದೆ. ಕೃಷಿ ಕ್ಷೇತ್ರದಲ್ಲಿ ಸುಧಾರಣೆ ತರಲಾಗುತ್ತಿದೆ. ದೇಶ ವಿಶ್ವದ ಆರ್ಥಿಕ ಶಕ್ತಿಯಾಗಿ ಹೊರಹೊಮ್ಮಲಿದೆ ಎಂದು ವಿಶ್ವಾಸ ವ್ಯಕ್ತಪಡಿಸಿದರು. ಕಾರ್ಯಕ್ರಮದಲ್ಲಿ ಚಿಂತಕರು, ವಿದ್ಯಾರ್ಥಿಗಳು, ಉದ್ಯಮಿಗಳು ಪಾಲ್ಗೊಂಡಿದ್ದರು. ಸಂವಾದದಲ್ಲಿ ವಿದ್ಯಾರ್ಥಿಗಳ ಪ್ರಶ್ನೆಗಳಿಗೆ ಸಂಸದರು ಉತ್ತರ ನೀಡಿದರು. ದೇಶದ ಅಭಿವೃದ್ಧಿಯಲ್ಲಿ ಯುವಕರ ಪಾತ್ರ ಮಹತ್ವದ್ದು ಎಂದರು.

ಇಂದು 'ಹೋಟೆಲ್ ಪ್ರವಾಸೋದ್ಯಮ ಅಭಿವೃದ್ಧಿ' ಕುರಿತು ಸಂವಾದ

ಮೈಸೂರು, ಮಾ.27(ಪಿಎಂ)- ಹೋಟೆಲ್ ಮಾಲೀಕರ ಸಂಘದ ವತಿಯಿಂದ ಸಂವಾದ ಕಾರ್ಯಕ್ರಮ ಏರ್ಪಡಿಸಲಾಗಿದೆ.

ನಗರದ ಹೋಟೆಲ್‌ನಲ್ಲಿ ಭಾನುವಾರ ಬೆಳಿಗ್ಗೆ ಕಾರ್ಯಕ್ರಮ ನಡೆಯಲಿದೆ. ಹೋಟೆಲ್ ಉದ್ಯಮ ಹಾಗೂ ಪ್ರವಾಸೋದ್ಯಮ ಅಭಿವೃದ್ಧಿ ಕುರಿತು ತಜ್ಞರು ಮಾತನಾಡಲಿದ್ದಾರೆ. ಕೊರೊನಾ ಸಂಕಷ್ಟದಿಂದ ಉದ್ಯಮ ನಷ್ಟ ಅನುಭವಿಸಿದೆ. ಉದ್ಯಮದ ಪುನಶ್ಚೇತನಕ್ಕೆ ಕ್ರಮ ಕೈಗೊಳ್ಳುವ ಬಗ್ಗೆ ಚರ್ಚೆ ನಡೆಯಲಿದೆ ಎಂದು ಸಂಘದ ಅಧ್ಯಕ್ಷರು ತಿಳಿಸಿದ್ದಾರೆ.

ಸರಗೂರು ಪಪಂಗೆ ನಾಳೆ ಚುನಾವಣೆ

ಮೈಸೂರು, ಮಾ.27(ಎಸ್‌ಪಿಎನ್)- ಸರಗೂರು ಪಟ್ಟಣ ಪಂಚಾಯಿತಿ ಚುನಾವಣೆ ನಾಳೆ ನಡೆಯಲಿದೆ.

ಪಟ್ಟಣ ಪಂಚಾಯಿತಿಯ 12 ವಾರ್ಡ್‌ಗಳಿಗೆ ಚುನಾವಣೆ ನಡೆಯಲಿದೆ. ಬೆಳಿಗ್ಗೆ 7 ರಿಂದ ಸಂಜೆ 5 ಗಂಟೆವರೆಗೆ ಮತದಾನ ನಡೆಯಲಿದೆ. ಮತಗಟ್ಟೆಗಳಲ್ಲಿ ಅಗತ್ಯ ಸಿದ್ಧತೆ ಮಾಡಿಕೊಳ್ಳಲಾಗಿದೆ. ಕಣದಲ್ಲಿರುವ ಅಭ್ಯರ್ಥಿಗಳು ಅಂತಿಮ ಹಂತದ ಪ್ರಚಾರ ನಡೆಸಿದರು. ಮತದಾನ ಕೇಂದ್ರಗಳಿಗೆ ಪೊಲೀಸ್ ಬಂದೋಬಸ್ತ್ ಒದಗಿಸಲಾಗಿದೆ. ಕೋವಿಡ್ ಮಾರ್ಗಸೂಚಿ ಪಾಲಿಸುವಂತೆ ಸೂಚಿಸಲಾಗಿದೆ ಎಂದು ಚುನಾವಣಾಧಿಕಾರಿ ತಿಳಿಸಿದ್ದಾರೆ.
